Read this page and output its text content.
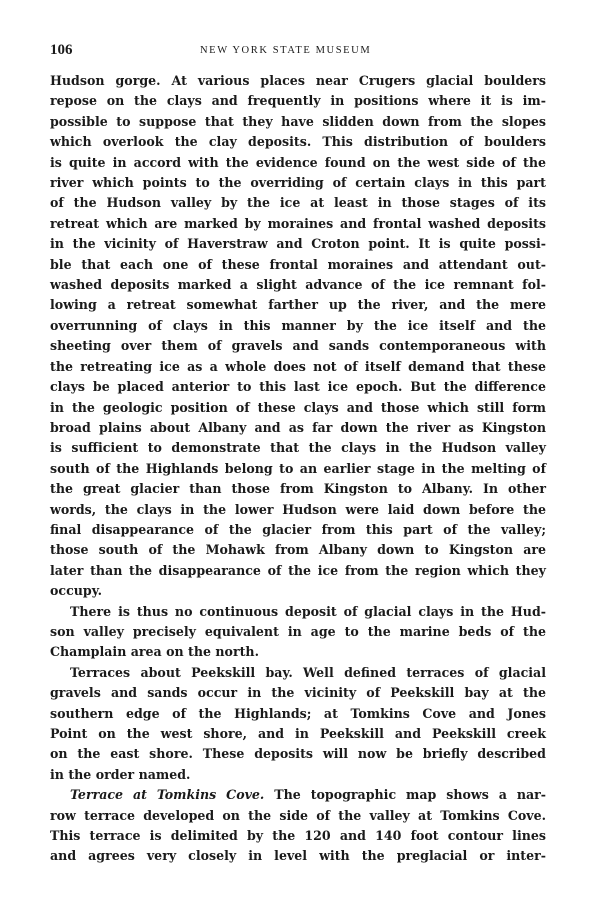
106	NEW YORK STATE MUSEUM

Hudson gorge. At various places near Crugers glacial boulders
repose on the clays and frequently in positions where it is im-
possible to suppose that they have slidden down from the slopes
which overlook the clay deposits. This distribution of boulders
is quite in accord with the evidence found on the west side of the
river which points to the overriding of certain clays in this part
of the Hudson valley by the ice at least in those stages of its
retreat which are marked by moraines and frontal washed deposits
in the vicinity of Haverstraw and Croton point. It is quite possi-
ble that each one of these frontal moraines and attendant out-
washed deposits marked a slight advance of the ice remnant fol-
lowing a retreat somewhat farther up the river, and the mere
overrunning of clays in this manner by the ice itself and the
sheeting over them of gravels and sands contemporaneous with
the retreating ice as a whole does not of itself demand that these
clays be placed anterior to this last ice epoch. But the difference
in the geologic position of these clays and those which still form
broad plains about Albany and as far down the river as Kingston
is sufficient to demonstrate that the clays in the Hudson valley
south of the Highlands belong to an earlier stage in the melting of
the great glacier than those from Kingston to Albany. In other
words, the clays in the lower Hudson were laid down before the
final disappearance of the glacier from this part of the valley;
those south of the Mohawk from Albany down to Kingston are
later than the disappearance of the ice from the region which they
occupy.

There is thus no continuous deposit of glacial clays in the Hud-
son valley precisely equivalent in age to the marine beds of the
Champlain area on the north.

Terraces about Peekskill bay. Well defined terraces of glacial
gravels and sands occur in the vicinity of Peekskill bay at the
southern edge of the Highlands; at Tomkins Cove and Jones
Point on the west shore, and in Peekskill and Peekskill creek
on the east shore. These deposits will now be briefly described
in the order named.

Terrace at Tomkins Cove. The topographic map shows a nar-
row terrace developed on the side of the valley at Tomkins Cove.
This terrace is delimited by the 120 and 140 foot contour lines
and agrees very closely in level with the preglacial or inter-
